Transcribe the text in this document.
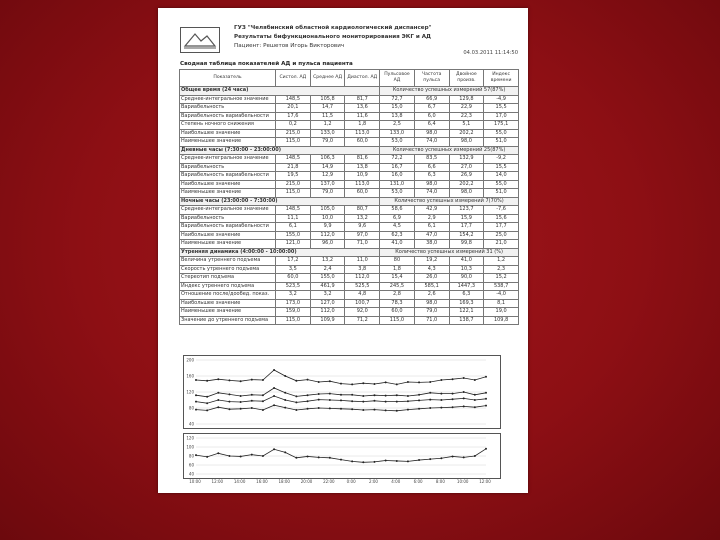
ГУЗ "Челябинский областной кардиологический диспансер"
Результаты бифункционального мониторирования ЭКГ и АД
Пациент: Решетов Игорь Викторович
04.03.2011 11:14:50
Сводная таблица показателей АД и пульса пациента
Показатель	Систол. АД	Среднее АД	Диастол. АД	Пульсовое АД	Частота пульса	Двойное произв.	Индекс времени
Общее время (24 часа)				Количество успешных измерений 57(87%)			
Среднее-интегральное значение	148,5	105,8	81,7	72,7	66,9	129,8	-4,9
Вариабельность	20,1	14,7	13,6	15,0	6,7	22,9	15,5
Вариабельность вариабельности	17,6	11,5	11,6	13,8	6,0	22,3	17,0
Степень ночного снижения	0,2	1,2	1,8	2,5	6,4	5,1	175,1
Наибольшее значение	215,0	133,0	113,0	133,0	98,0	202,2	55,0
Наименьшее значение	115,0	79,0	60,0	53,0	74,0	98,0	51,0
Дневные часы (7:30:00 - 23:00:00)				Количество успешных измерений 25(87%)			
Среднее-интегральное значение	148,5	106,3	81,6	72,2	83,5	132,9	-9,2
Вариабельность	21,8	14,9	13,8	16,7	6,6	27,0	15,5
Вариабельность вариабельности	19,5	12,9	10,9	16,0	6,3	26,9	14,0
Наибольшее значение	215,0	137,0	113,0	131,0	98,0	202,2	55,0
Наименьшее значение	115,0	79,0	60,0	53,0	74,0	98,0	51,0
Ночные часы (23:00:00 - 7:30:00)				Количество успешных измерений 7(70%)			
Среднее-интегральное значение	148,5	105,0	80,7	58,6	42,9	123,7	-7,6
Вариабельность	11,1	10,0	13,2	6,9	2,9	15,9	15,6
Вариабельность вариабельности	6,1	9,9	9,6	4,5	6,1	17,7	17,7
Наибольшее значение	155,0	112,0	97,0	62,3	47,0	154,2	25,0
Наименьшее значение	121,0	96,0	71,0	41,0	38,0	99,8	21,0
Утренняя динамика (4:00:00 - 10:00:00)				Количество успешных измерений 31 (%)			
Величина утреннего подъема	17,2	13,2	11,0	80	19,2	41,0	1,2
Скорость утреннего подъема	3,5	2,4	3,8	1,8	4,3	10,3	2,3
Стереотип подъема	60,0	155,0	112,0	15,4	26,0	90,0	15,2
Индекс утреннего подъема	523,5	461,9	525,5	245,5	585,1	1447,3	538,7
Отношение после/дообед. показ.	3,2	3,2	4,8	2,8	2,6	6,3	-4,0
Наибольшее значение	173,0	127,0	100,7	78,3	98,0	169,3	8,1
Наименьшее значение	159,0	112,0	92,0	60,0	79,0	122,1	19,0
Значение до утреннего подъема	115,0	109,9	71,2	115,0	71,0	138,7	109,8
40
80
120
160
200
40
60
80
100
120
10:00	12:00	14:00	16:00	18:00	20:00	22:00	0:00	2:00	4:00	6:00	8:00	10:00	12:00
